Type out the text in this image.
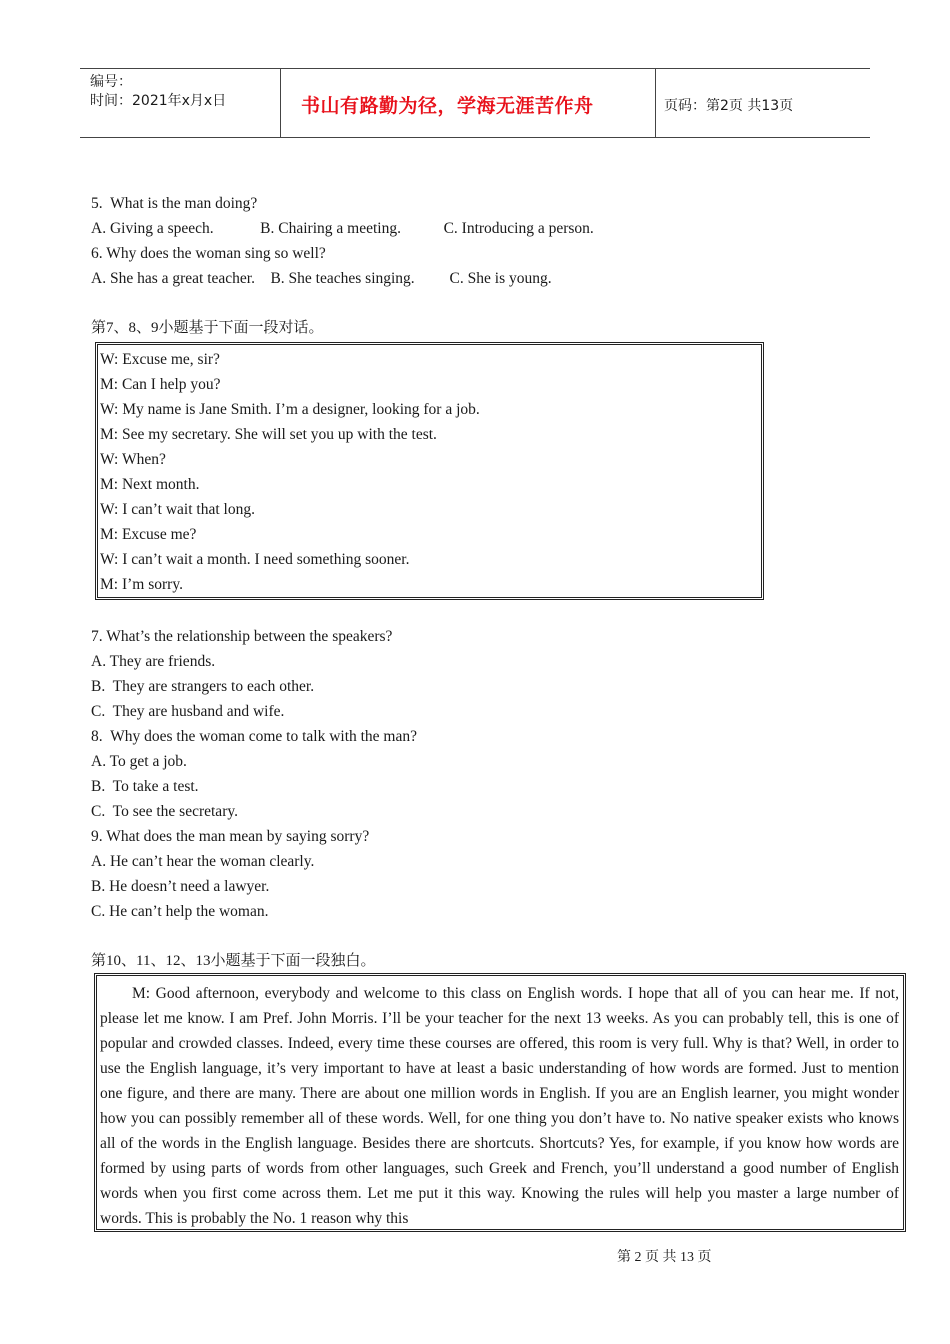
编号：
时间：2021年x月x日	书山有路勤为径，学海无涯苦作舟	页码：第2页 共13页
5.  What is the man doing?
A. Giving a speech.            B. Chairing a meeting.           C. Introducing a person.
6. Why does the woman sing so well?
A. She has a great teacher.    B. She teaches singing.         C. She is young.
第7、8、9小题基于下面一段对话。
W: Excuse me, sir?
M: Can I help you?
W: My name is Jane Smith. I’m a designer, looking for a job.
M: See my secretary. She will set you up with the test.
W: When?
M: Next month.
W: I can’t wait that long.
M: Excuse me?
W: I can’t wait a month. I need something sooner.
M: I’m sorry.
7. What’s the relationship between the speakers?
A. They are friends.
B.  They are strangers to each other.
C.  They are husband and wife.
8.  Why does the woman come to talk with the man?
A. To get a job.
B.  To take a test.
C.  To see the secretary.
9. What does the man mean by saying sorry?
A. He can’t hear the woman clearly.
B. He doesn’t need a lawyer.
C. He can’t help the woman.
第10、11、12、13小题基于下面一段独白。

M: Good afternoon, everybody and welcome to this class on English words. I hope that all of you can hear me. If not, please let me know. I am Pref. John Morris. I’ll be your teacher for the next 13 weeks. As you can probably tell, this is one of popular and crowded classes. Indeed, every time these courses are offered, this room is very full. Why is that? Well, in order to use the English language, it’s very important to have at least a basic understanding of how words are formed. Just to mention one figure, and there are many. There are about one million words in English. If you are an English learner, you might wonder how you can possibly remember all of these words. Well, for one thing you don’t have to. No native speaker exists who knows all of the words in the English language. Besides there are shortcuts. Shortcuts? Yes, for example, if you know how words are formed by using parts of words from other languages, such Greek and French, you’ll understand a good number of English words when you first come across them. Let me put it this way. Knowing the rules will help you master a large number of words. This is probably the No. 1 reason why this

第 2 页 共 13 页
